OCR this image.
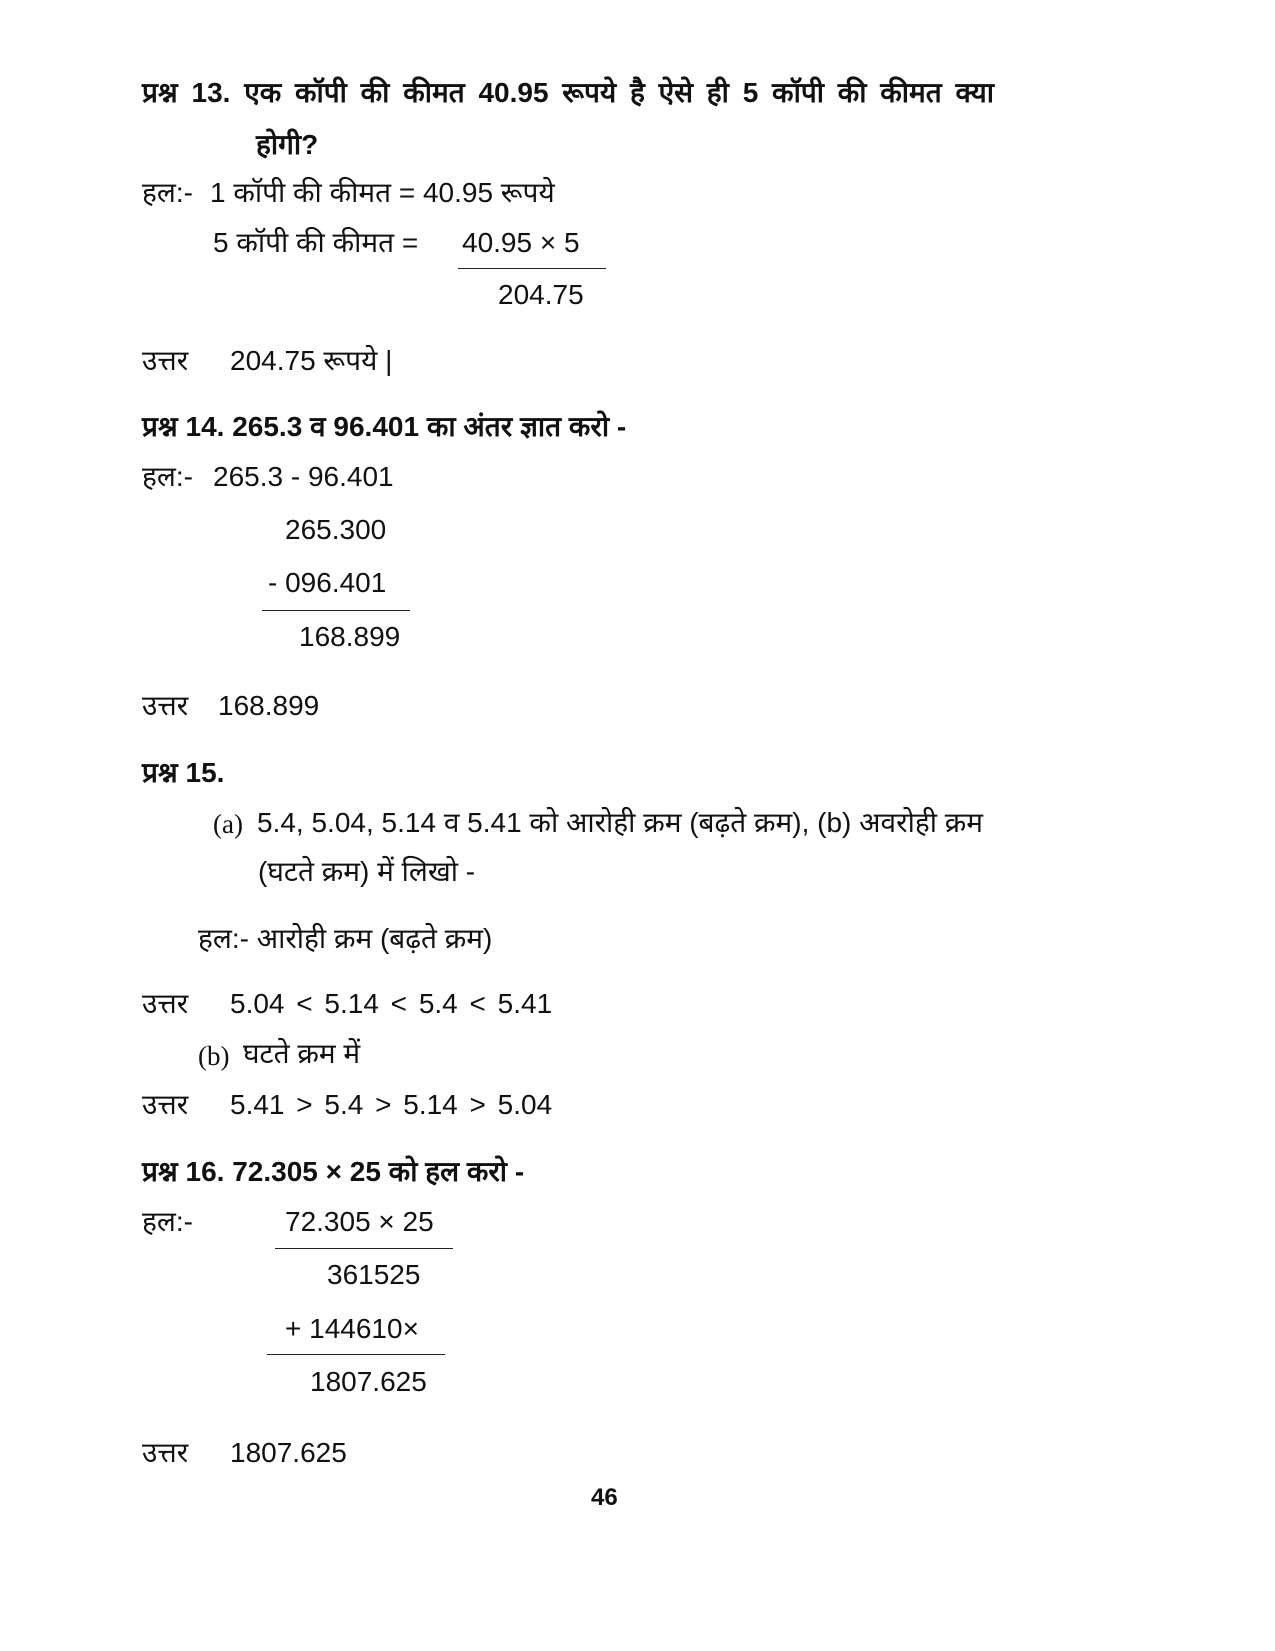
प्रश्न 13. एक कॉपी की कीमत 40.95 रूपये है ऐसे ही 5 कॉपी की कीमत क्या
होगी?
हल:- 1 कॉपी की कीमत = 40.95 रूपये
5 कॉपी की कीमत = 40.95 × 5
204.75
उत्तर 204.75 रूपये |
प्रश्न 14. 265.3 व 96.401 का अंतर ज्ञात करो -
हल:- 265.3 - 96.401
265.300
- 096.401
168.899
उत्तर 168.899
प्रश्न 15.
(a) 5.4, 5.04, 5.14 व 5.41 को आरोही क्रम (बढ़ते क्रम), (b) अवरोही क्रम
(घटते क्रम) में लिखो -
हल:- आरोही क्रम (बढ़ते क्रम)
उत्तर 5.04 < 5.14 < 5.4 < 5.41
(b) घटते क्रम में
उत्तर 5.41 > 5.4 > 5.14 > 5.04
प्रश्न 16. 72.305 × 25 को हल करो -
हल:-	72.305 × 25
361525
+ 144610×
1807.625
उत्तर 1807.625
46
